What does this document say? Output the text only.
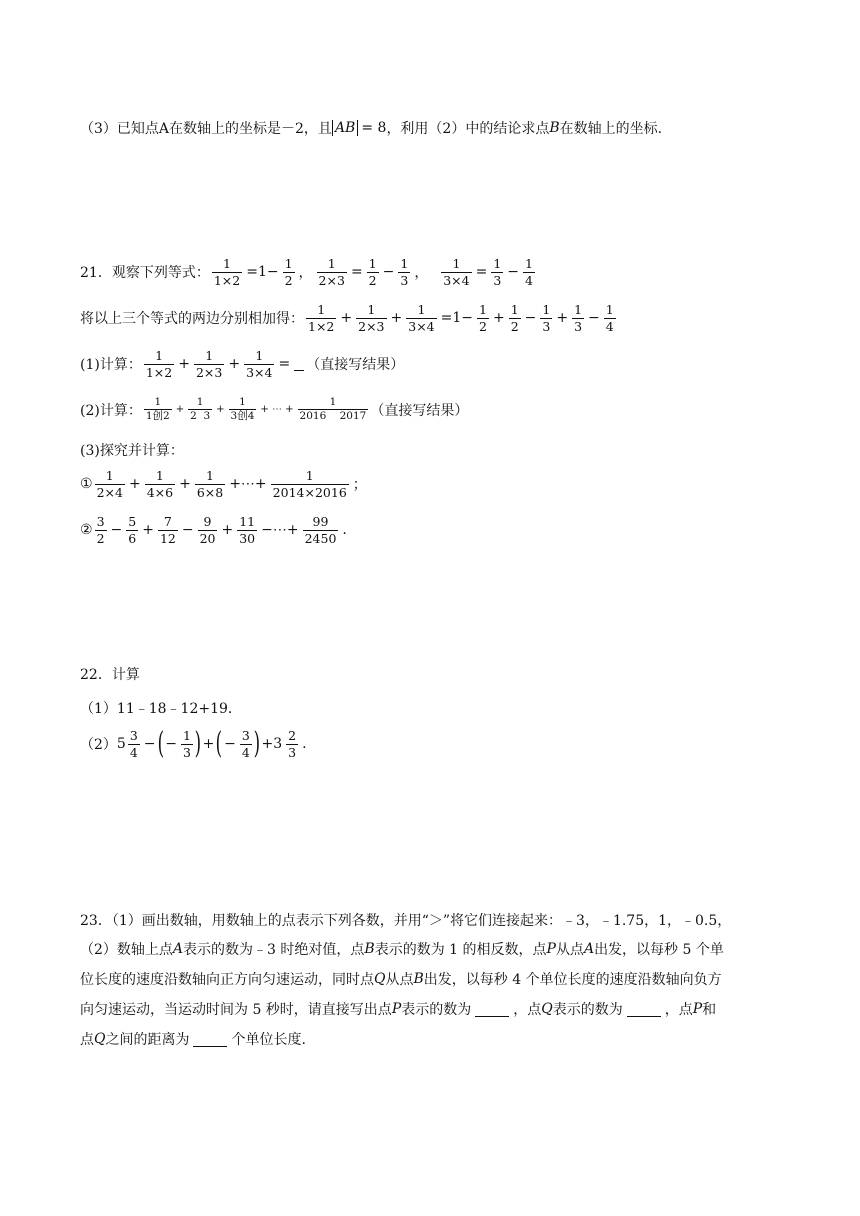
（3）已知点A在数轴上的坐标是－2，且 AB = 8 ，利用（2）中的结论求点 B 在数轴上的坐标.
21．观察下列等式： $\frac{1}{1\times 2} =1- \frac{1}{2}$ ， $\frac{1}{2\times 3} = \frac{1}{2} - \frac{1}{3}$ ， $\frac{1}{3\times 4} = \frac{1}{3} - \frac{1}{4}$
将以上三个等式的两边分别相加得： $\frac{1}{1\times 2} + \frac{1}{2\times 3} + \frac{1}{3\times 4} =1- \frac{1}{2} + \frac{1}{2} - \frac{1}{3} + \frac{1}{3} - \frac{1}{4}$
(1)计算： $\frac{1}{1\times 2} + \frac{1}{2\times 3} + \frac{1}{3\times 4}$ = （直接写结果）
(2)计算： $\frac{1}{\text{1创2}} + \frac{1}{2 3} + \frac{1}{\text{3创4}}$ + ⋯ + $\frac{1}{2016 2017}$ （直接写结果）
(3)探究并计算：
① $\frac{1}{2\times 4} + \frac{1}{4\times 6} + \frac{1}{6\times 8}$ +⋯+ $\frac{1}{2014\times 2016}$ ；
② $\frac{3}{2} - \frac{5}{6} + \frac{7}{12} - \frac{9}{20} + \frac{11}{30}$ −⋯+ $\frac{99}{2450}$ .
22．计算
（1）11﹣18﹣12+19．
（2） $5 \frac{3}{4}$ − ( − $\frac{1}{3}$ ) + ( − $\frac{3}{4}$ ) $+3 \frac{2}{3}$ .
23．（1）画出数轴，用数轴上的点表示下列各数，并用“＞”将它们连接起来：﹣3，﹣1.75，1，﹣0.5，
（2）数轴上点 A 表示的数为﹣3 时绝对值，点 B 表示的数为 1 的相反数，点 P 从点 A 出发，以每秒 5 个单
位长度的速度沿数轴向正方向匀速运动，同时点 Q 从点 B 出发，以每秒 4 个单位长度的速度沿数轴向负方
向匀速运动，当运动时间为 5 秒时，请直接写出点 P 表示的数为	，点 Q 表示的数为	，点 P 和
点 Q 之间的距离为	个单位长度.
